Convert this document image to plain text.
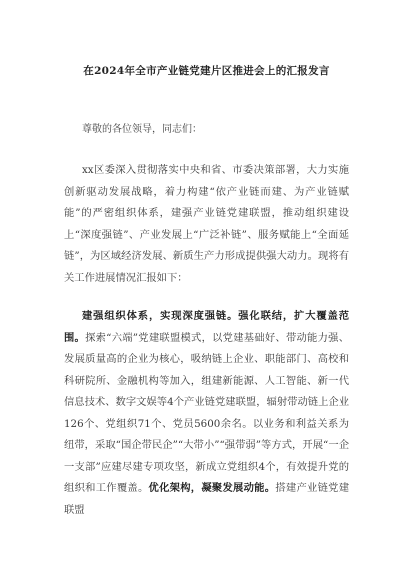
在2024年全市产业链党建片区推进会上的汇报发言

尊敬的各位领导，同志们：

xx区委深入贯彻落实中央和省、市委决策部署，大力实施创新驱动发展战略，着力构建“依产业链而建、为产业链赋能”的严密组织体系，建强产业链党建联盟，推动组织建设上“深度强链”、产业发展上“广泛补链”、服务赋能上“全面延链”，为区域经济发展、新质生产力形成提供强大动力。现将有关工作进展情况汇报如下：

建强组织体系，实现深度强链。强化联结，扩大覆盖范围。探索“六端”党建联盟模式，以党建基础好、带动能力强、发展质量高的企业为核心，吸纳链上企业、职能部门、高校和科研院所、金融机构等加入，组建新能源、人工智能、新一代信息技术、数字文娱等4个产业链党建联盟，辐射带动链上企业126个、党组织71个、党员5600余名。以业务和利益关系为纽带，采取“国企带民企”“大带小”“强带弱”等方式，开展“一企一支部”应建尽建专项攻坚，新成立党组织4个，有效提升党的组织和工作覆盖。优化架构，凝聚发展动能。搭建产业链党建联盟
